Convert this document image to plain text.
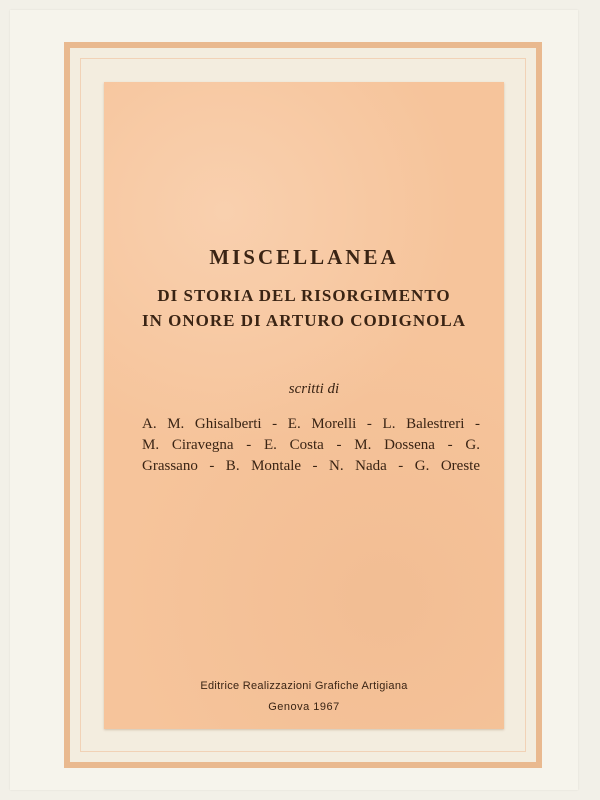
MISCELLANEA
DI STORIA DEL RISORGIMENTO
IN ONORE DI ARTURO CODIGNOLA
scritti di
A. M. Ghisalberti - E. Morelli - L. Balestreri -
M. Ciravegna - E. Costa - M. Dossena - G.
Grassano - B. Montale - N. Nada - G. Oreste
Editrice Realizzazioni Grafiche Artigiana
Genova 1967
